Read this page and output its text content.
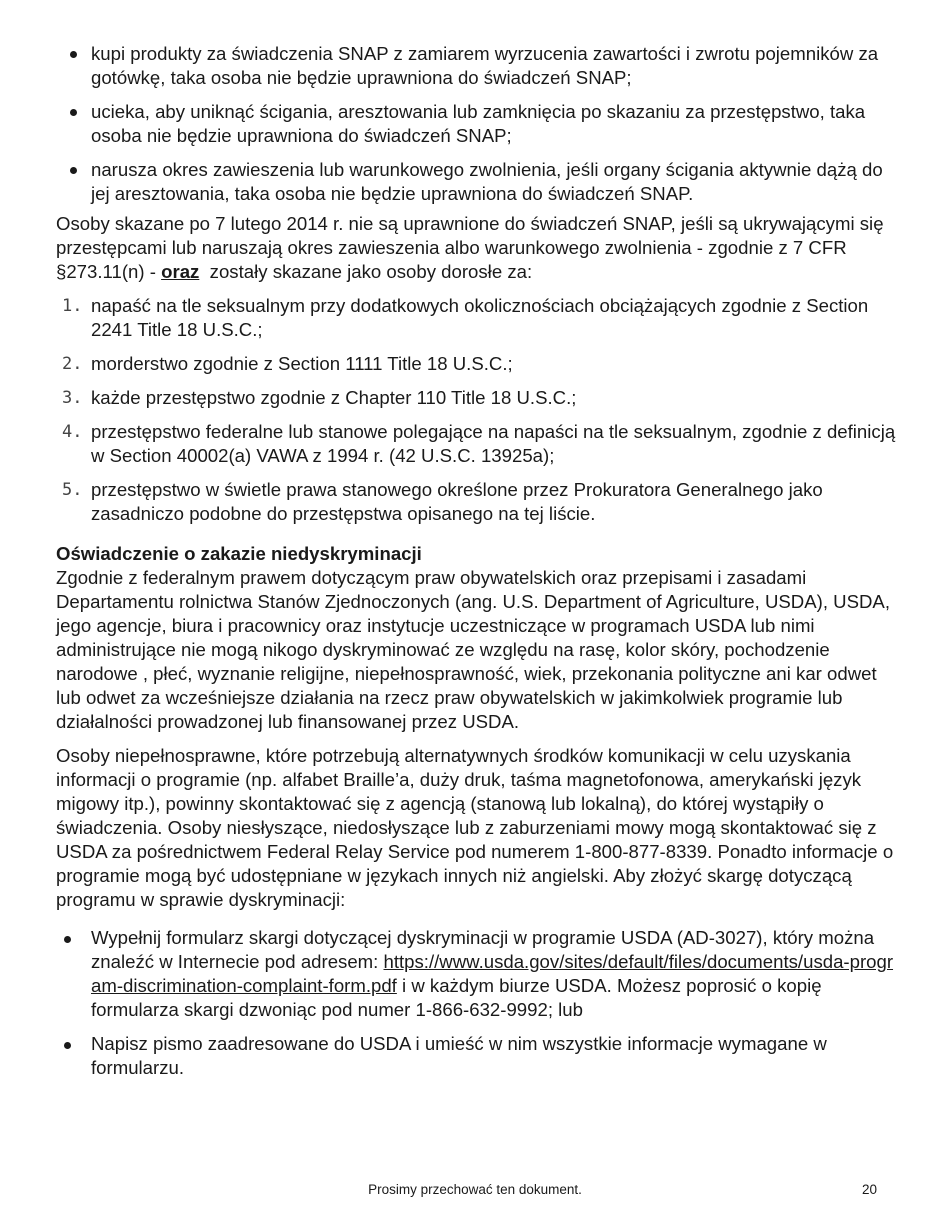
kupi produkty za świadczenia SNAP z zamiarem wyrzucenia zawartości i zwrotu pojemników za gotówkę, taka osoba nie będzie uprawniona do świadczeń SNAP;
ucieka, aby uniknąć ścigania, aresztowania lub zamknięcia po skazaniu za przestępstwo, taka osoba nie będzie uprawniona do świadczeń SNAP;
narusza okres zawieszenia lub warunkowego zwolnienia, jeśli organy ścigania aktywnie dążą do jej aresztowania, taka osoba nie będzie uprawniona do świadczeń SNAP.

Osoby skazane po 7 lutego 2014 r. nie są uprawnione do świadczeń SNAP, jeśli są ukrywającymi się przestępcami lub naruszają okres zawieszenia albo warunkowego zwolnienia - zgodnie z 7 CFR §273.11(n) - oraz  zostały skazane jako osoby dorosłe za:

1. napaść na tle seksualnym przy dodatkowych okolicznościach obciążających zgodnie z Section 2241 Title 18 U.S.C.;
2. morderstwo zgodnie z Section 1111 Title 18 U.S.C.;
3. każde przestępstwo zgodnie z Chapter 110 Title 18 U.S.C.;
4. przestępstwo federalne lub stanowe polegające na napaści na tle seksualnym, zgodnie z definicją w Section 40002(a) VAWA z 1994 r. (42 U.S.C. 13925a);
5. przestępstwo w świetle prawa stanowego określone przez Prokuratora Generalnego jako zasadniczo podobne do przestępstwa opisanego na tej liście.

Oświadczenie o zakazie niedyskryminacji

Zgodnie z federalnym prawem dotyczącym praw obywatelskich oraz przepisami i zasadami Departamentu rolnictwa Stanów Zjednoczonych (ang. U.S. Department of Agriculture, USDA), USDA, jego agencje, biura i pracownicy oraz instytucje uczestniczące w programach USDA lub nimi administrujące nie mogą nikogo dyskryminować ze względu na rasę, kolor skóry, pochodzenie narodowe , płeć, wyznanie religijne, niepełnosprawność, wiek, przekonania polityczne ani kar odwet lub odwet za wcześniejsze działania na rzecz praw obywatelskich w jakimkolwiek programie lub działalności prowadzonej lub finansowanej przez USDA.

Osoby niepełnosprawne, które potrzebują alternatywnych środków komunikacji w celu uzyskania informacji o programie (np. alfabet Braille’a, duży druk, taśma magnetofonowa, amerykański język migowy itp.), powinny skontaktować się z agencją (stanową lub lokalną), do której wystąpiły o świadczenia. Osoby niesłyszące, niedosłyszące lub z zaburzeniami mowy mogą skontaktować się z USDA za pośrednictwem Federal Relay Service pod numerem 1-800-877-8339. Ponadto informacje o programie mogą być udostępniane w językach innych niż angielski. Aby złożyć skargę dotyczącą programu w sprawie dyskryminacji:

Wypełnij formularz skargi dotyczącej dyskryminacji w programie USDA (AD-3027), który można znaleźć w Internecie pod adresem: https://www.usda.gov/sites/default/files/documents/usda-program-discrimination-complaint-form.pdf i w każdym biurze USDA. Możesz poprosić o kopię formularza skargi dzwoniąc pod numer 1-866-632-9992; lub
Napisz pismo zaadresowane do USDA i umieść w nim wszystkie informacje wymagane w formularzu.
Prosimy przechować ten dokument.	20
